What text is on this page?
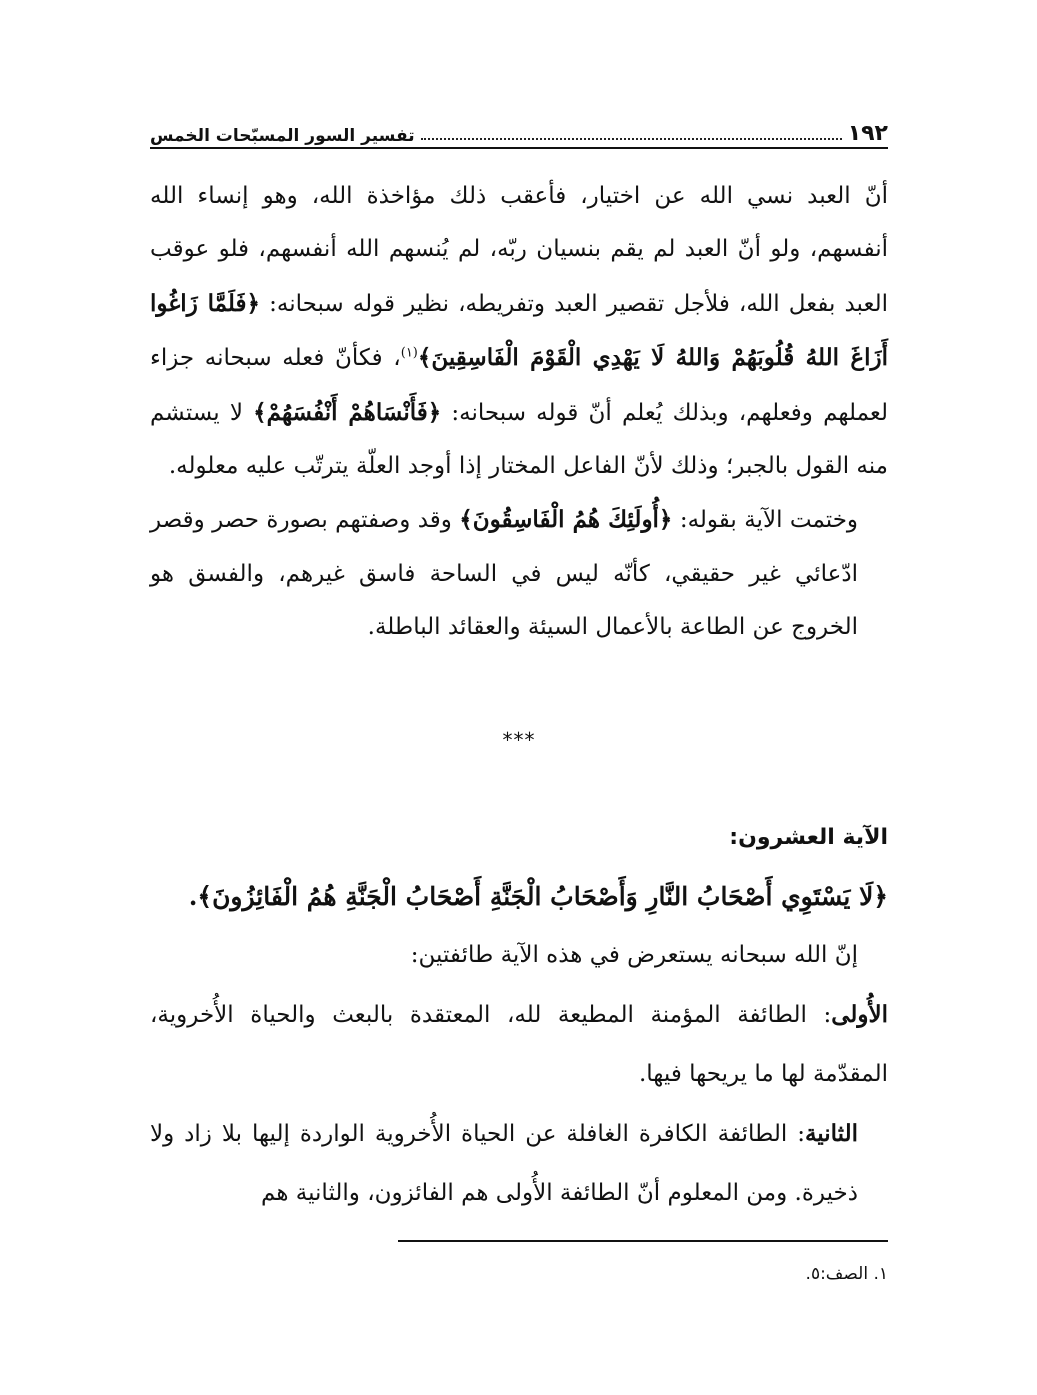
١٩٢
تفسير السور المسبّحات الخمس

أنّ العبد نسي الله عن اختيار، فأعقب ذلك مؤاخذة الله، وهو إنساء الله أنفسهم، ولو أنّ العبد لم يقم بنسيان ربّه، لم يُنسهم الله أنفسهم، فلو عوقب العبد بفعل الله، فلأجل تقصير العبد وتفريطه، نظير قوله سبحانه: ﴿فَلَمَّا زَاغُوا أَزَاغَ اللهُ قُلُوبَهُمْ وَاللهُ لَا يَهْدِي الْقَوْمَ الْفَاسِقِينَ﴾$^{(١)}$، فكأنّ فعله سبحانه جزاء لعملهم وفعلهم، وبذلك يُعلم أنّ قوله سبحانه: ﴿فَأَنْسَاهُمْ أَنْفُسَهُمْ﴾ لا يستشم منه القول بالجبر؛ وذلك لأنّ الفاعل المختار إذا أوجد العلّة يترتّب عليه معلوله.

وختمت الآية بقوله: ﴿أُولَئِكَ هُمُ الْفَاسِقُونَ﴾ وقد وصفتهم بصورة حصر وقصر ادّعائي غير حقيقي، كأنّه ليس في الساحة فاسق غيرهم، والفسق هو الخروج عن الطاعة بالأعمال السيئة والعقائد الباطلة.

***

الآية العشرون:

﴿لَا يَسْتَوِي أَصْحَابُ النَّارِ وَأَصْحَابُ الْجَنَّةِ أَصْحَابُ الْجَنَّةِ هُمُ الْفَائِزُونَ﴾.

إنّ الله سبحانه يستعرض في هذه الآية طائفتين:

الأُولى: الطائفة المؤمنة المطيعة لله، المعتقدة بالبعث والحياة الأُخروية، المقدّمة لها ما يريحها فيها.

الثانية: الطائفة الكافرة الغافلة عن الحياة الأُخروية الواردة إليها بلا زاد ولا ذخيرة. ومن المعلوم أنّ الطائفة الأُولى هم الفائزون، والثانية هم

١. الصف:٥.
